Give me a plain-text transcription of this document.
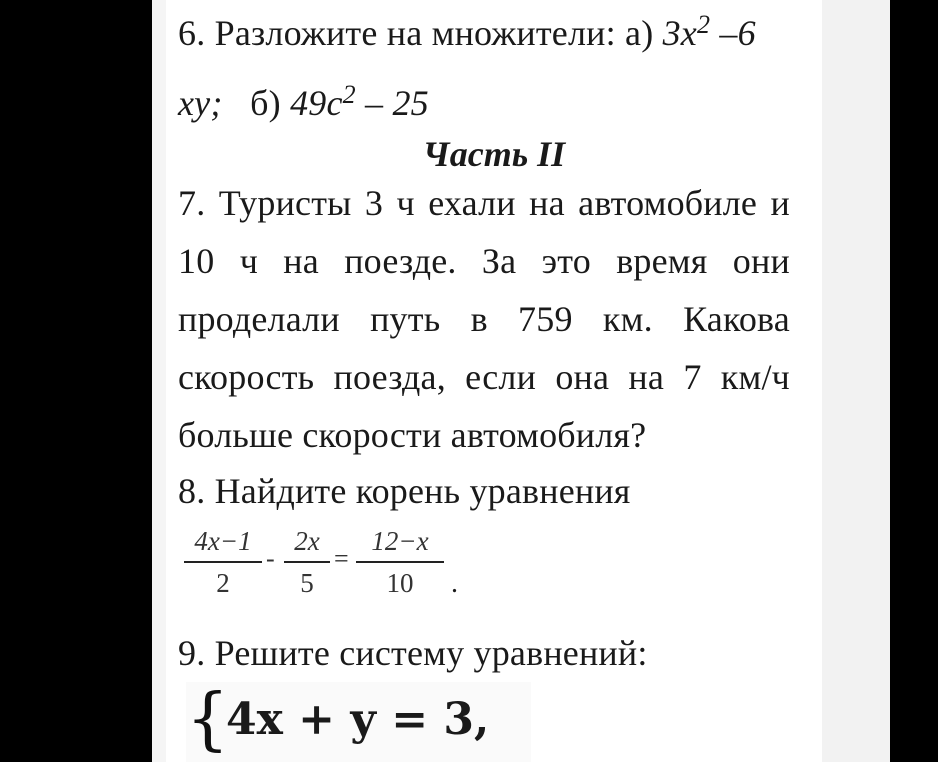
6. Разложите на множители: а) $3x^2$ –6
xy; б) $49c^2 - 25$
Часть II
7. Туристы 3 ч ехали на автомобиле и
10 ч на поезде. За это время они
проделали путь в 759 км. Какова
скорость поезда, если она на 7 км/ч
больше скорости автомобиля?
8. Найдите корень уравнения
4x−1
2
-
2x
5
=
12−x
10	.
9. Решите систему уравнений:
{
4x + y = 3,
